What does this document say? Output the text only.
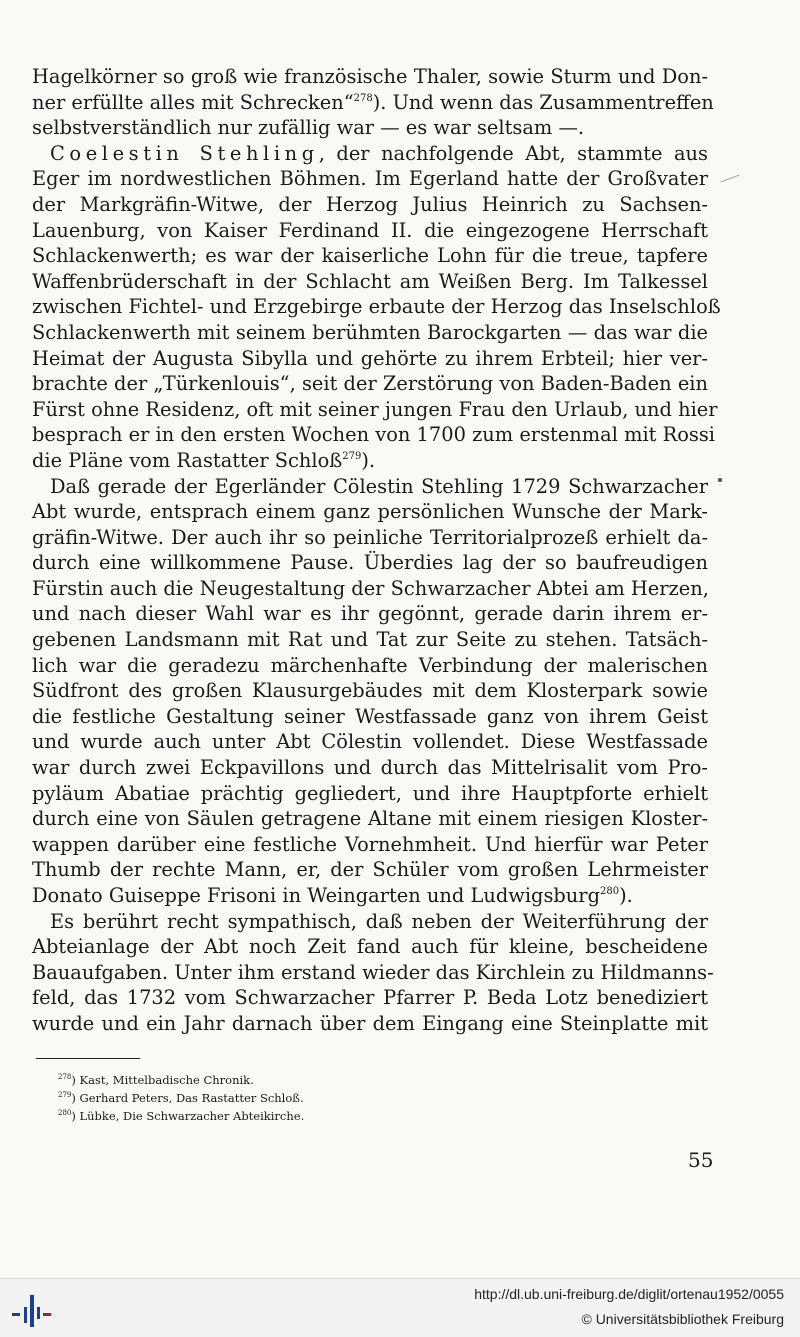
Hagelkörner so groß wie französische Thaler, sowie Sturm und Don-
ner erfüllte alles mit Schrecken“$^{278}$). Und wenn das Zusammentreffen
selbstverständlich nur zufällig war — es war seltsam —.
Coelestin Stehling, der nachfolgende Abt, stammte aus
Eger im nordwestlichen Böhmen. Im Egerland hatte der Großvater
der Markgräfin-Witwe, der Herzog Julius Heinrich zu Sachsen-
Lauenburg, von Kaiser Ferdinand II. die eingezogene Herrschaft
Schlackenwerth; es war der kaiserliche Lohn für die treue, tapfere
Waffenbrüderschaft in der Schlacht am Weißen Berg. Im Talkessel
zwischen Fichtel- und Erzgebirge erbaute der Herzog das Inselschloß
Schlackenwerth mit seinem berühmten Barockgarten — das war die
Heimat der Augusta Sibylla und gehörte zu ihrem Erbteil; hier ver-
brachte der „Türkenlouis“, seit der Zerstörung von Baden-Baden ein
Fürst ohne Residenz, oft mit seiner jungen Frau den Urlaub, und hier
besprach er in den ersten Wochen von 1700 zum erstenmal mit Rossi
die Pläne vom Rastatter Schloß$^{279}$).
Daß gerade der Egerländer Cölestin Stehling 1729 Schwarzacher
Abt wurde, entsprach einem ganz persönlichen Wunsche der Mark-
gräfin-Witwe. Der auch ihr so peinliche Territorialprozeß erhielt da-
durch eine willkommene Pause. Überdies lag der so baufreudigen
Fürstin auch die Neugestaltung der Schwarzacher Abtei am Herzen,
und nach dieser Wahl war es ihr gegönnt, gerade darin ihrem er-
gebenen Landsmann mit Rat und Tat zur Seite zu stehen. Tatsäch-
lich war die geradezu märchenhafte Verbindung der malerischen
Südfront des großen Klausurgebäudes mit dem Klosterpark sowie
die festliche Gestaltung seiner Westfassade ganz von ihrem Geist
und wurde auch unter Abt Cölestin vollendet. Diese Westfassade
war durch zwei Eckpavillons und durch das Mittelrisalit vom Pro-
pyläum Abatiae prächtig gegliedert, und ihre Hauptpforte erhielt
durch eine von Säulen getragene Altane mit einem riesigen Kloster-
wappen darüber eine festliche Vornehmheit. Und hierfür war Peter
Thumb der rechte Mann, er, der Schüler vom großen Lehrmeister
Donato Guiseppe Frisoni in Weingarten und Ludwigsburg$^{280}$).
Es berührt recht sympathisch, daß neben der Weiterführung der
Abteianlage der Abt noch Zeit fand auch für kleine, bescheidene
Bauaufgaben. Unter ihm erstand wieder das Kirchlein zu Hildmanns-
feld, das 1732 vom Schwarzacher Pfarrer P. Beda Lotz benediziert
wurde und ein Jahr darnach über dem Eingang eine Steinplatte mit
$^{278}$) Kast, Mittelbadische Chronik.
$^{279}$) Gerhard Peters, Das Rastatter Schloß.
$^{280}$) Lübke, Die Schwarzacher Abteikirche.
55
http://dl.ub.uni-freiburg.de/diglit/ortenau1952/0055
© Universitätsbibliothek Freiburg
